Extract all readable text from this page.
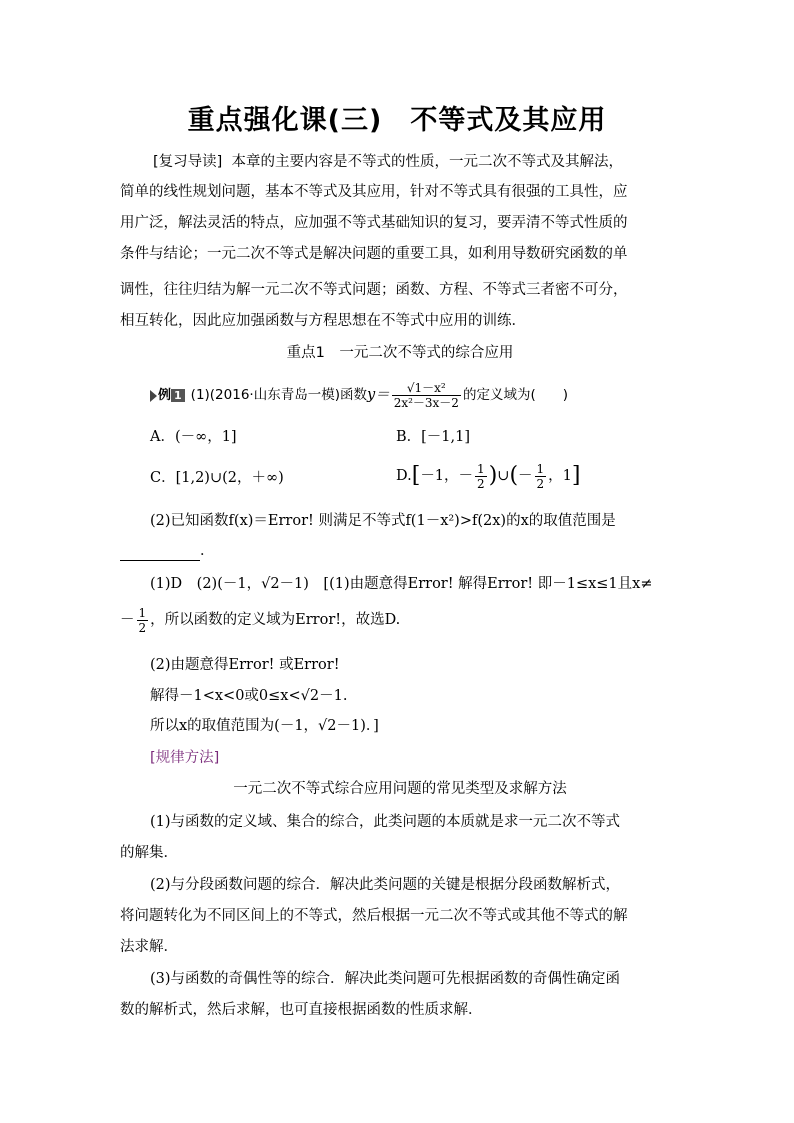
重点强化课(三) 不等式及其应用
[复习导读] 本章的主要内容是不等式的性质，一元二次不等式及其解法，
简单的线性规划问题，基本不等式及其应用，针对不等式具有很强的工具性，应
用广泛，解法灵活的特点，应加强不等式基础知识的复习，要弄清不等式性质的
条件与结论；一元二次不等式是解决问题的重要工具，如利用导数研究函数的单
调性，往往归结为解一元二次不等式问题；函数、方程、不等式三者密不可分，
相互转化，因此应加强函数与方程思想在不等式中应用的训练．
重点1　一元二次不等式的综合应用
例 1 (1)(2016·山东青岛一模)函数$y= \frac{\text{√1－x²}}{\text{2x²－3x－2}}$ 的定义域为(　　)
A．(－∞，1]	B．[－1,1]
C．[1,2)∪(2，＋∞)	D.[－1，－ $\frac{1}{2}$ )∪(－ $\frac{1}{2}$ ，1]
(2)已知函数f(x)＝Error! 则满足不等式f(1－x²)>f(2x)的x的取值范围是
．
(1)D　(2)(－1，√2－1)　[(1)由题意得Error! 解得Error! 即－1≤x≤1且x≠
－ $\frac{1}{2}$ ，所以函数的定义域为Error!，故选D.
(2)由题意得Error! 或Error!
解得－1<x<0或0≤x<√2－1.
所以x的取值范围为(－1，√2－1)．]
[规律方法]
一元二次不等式综合应用问题的常见类型及求解方法
(1)与函数的定义域、集合的综合，此类问题的本质就是求一元二次不等式
的解集．
(2)与分段函数问题的综合．解决此类问题的关键是根据分段函数解析式，
将问题转化为不同区间上的不等式，然后根据一元二次不等式或其他不等式的解
法求解．
(3)与函数的奇偶性等的综合．解决此类问题可先根据函数的奇偶性确定函
数的解析式，然后求解，也可直接根据函数的性质求解．
